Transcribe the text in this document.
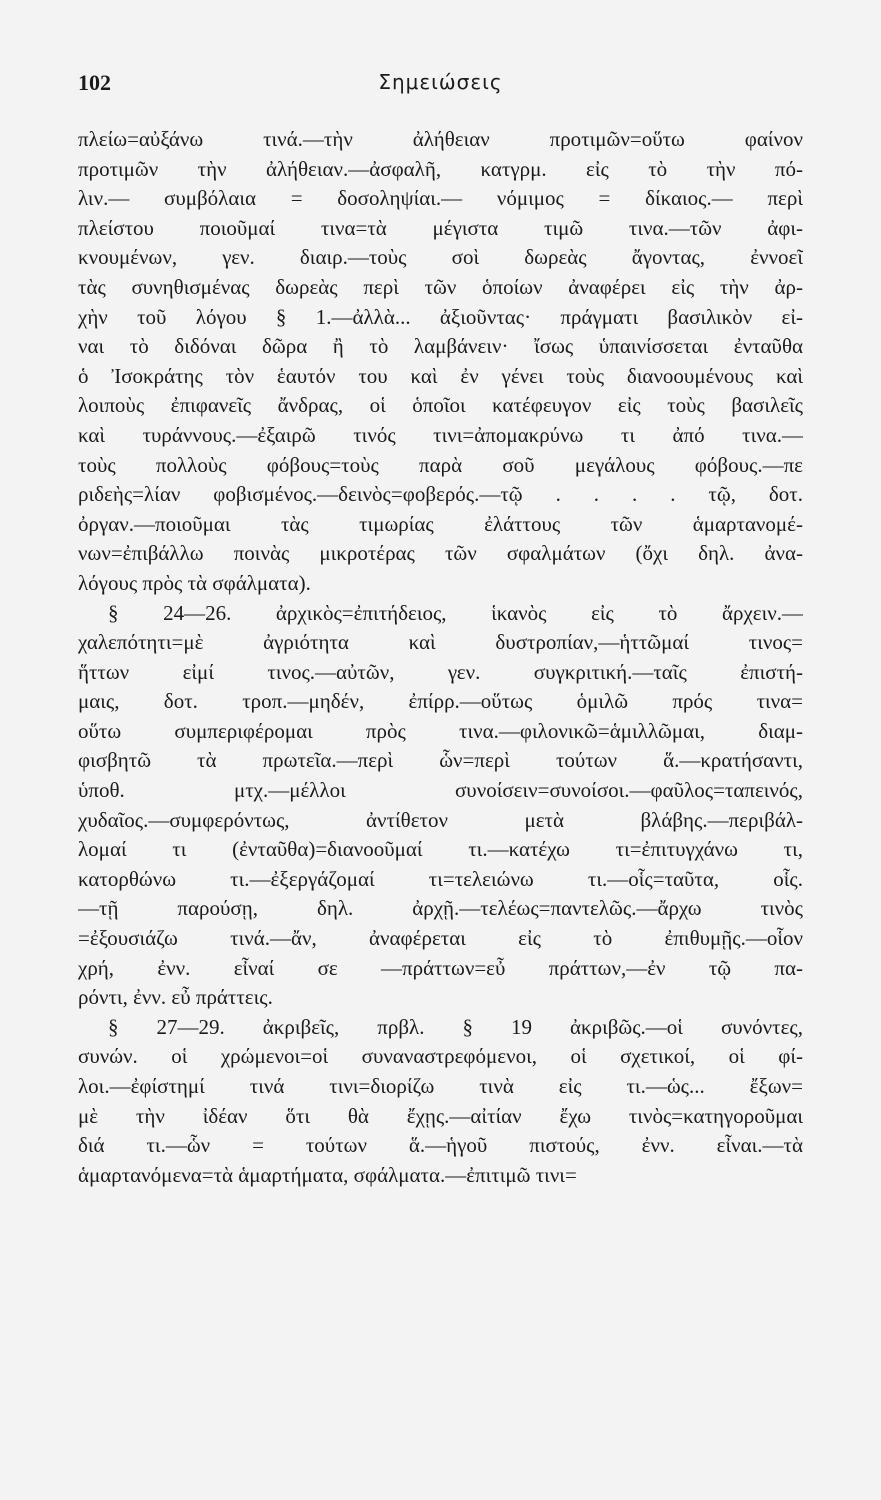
102	Σημειώσεις
πλείω=αὐξάνω τινά.—τὴν ἀλήθειαν προτιμῶν=οὕτω φαίνον
προτιμῶν τὴν ἀλήθειαν.—ἀσφαλῆ, κατγρμ. εἰς τὸ τὴν πό-
λιν.— συμβόλαια = δοσοληψίαι.— νόμιμος = δίκαιος.— περὶ
πλείστου ποιοῦμαί τινα=τὰ μέγιστα τιμῶ τινα.—τῶν ἀφι-
κνουμένων, γεν. διαιρ.—τοὺς σοὶ δωρεὰς ἄγοντας, ἐννοεῖ
τὰς συνηθισμένας δωρεὰς περὶ τῶν ὁποίων ἀναφέρει εἰς τὴν ἀρ-
χὴν τοῦ λόγου § 1.—ἀλλὰ... ἀξιοῦντας· πράγματι βασιλικὸν εἰ-
ναι τὸ διδόναι δῶρα ἢ τὸ λαμβάνειν· ἴσως ὑπαινίσσεται ἐνταῦθα
ὁ Ἰσοκράτης τὸν ἑαυτόν του καὶ ἐν γένει τοὺς διανοουμένους καὶ
λοιποὺς ἐπιφανεῖς ἄνδρας, οἱ ὁποῖοι κατέφευγον εἰς τοὺς βασιλεῖς
καὶ τυράννους.—ἐξαιρῶ τινός τινι=ἀπομακρύνω τι ἀπό τινα.—
τοὺς πολλοὺς φόβους=τοὺς παρὰ σοῦ μεγάλους φόβους.—πε
ριδεὴς=λίαν φοβισμένος.—δεινὸς=φοβερός.—τῷ . . . . τῷ, δοτ.
ὀργαν.—ποιοῦμαι τὰς τιμωρίας ἐλάττους τῶν ἁμαρτανομέ-
νων=ἐπιβάλλω ποινὰς μικροτέρας τῶν σφαλμάτων (ὄχι δηλ. ἀνα-
λόγους πρὸς τὰ σφάλματα).
§ 24—26. ἀρχικὸς=ἐπιτήδειος, ἱκανὸς εἰς τὸ ἄρχειν.—
χαλεπότητι=μὲ ἀγριότητα καὶ δυστροπίαν,—ἡττῶμαί τινος=
ἥττων εἰμί τινος.—αὐτῶν, γεν. συγκριτική.—ταῖς ἐπιστή-
μαις, δοτ. τροπ.—μηδέν, ἐπίρρ.—οὕτως ὁμιλῶ πρός τινα=
οὕτω συμπεριφέρομαι πρὸς τινα.—φιλονικῶ=ἁμιλλῶμαι, διαμ-
φισβητῶ τὰ πρωτεῖα.—περὶ ὧν=περὶ τούτων ἅ.—κρατήσαντι,
ὑποθ. μτχ.—μέλλοι συνοίσειν=συνοίσοι.—φαῦλος=ταπεινός,
χυδαῖος.—συμφερόντως, ἀντίθετον μετὰ βλάβης.—περιβάλ-
λομαί τι (ἐνταῦθα)=διανοοῦμαί τι.—κατέχω τι=ἐπιτυγχάνω τι,
κατορθώνω τι.—ἐξεργάζομαί τι=τελειώνω τι.—οἷς=ταῦτα, οἷς.
—τῇ παρούσῃ, δηλ. ἀρχῇ.—τελέως=παντελῶς.—ἄρχω τινὸς
=ἐξουσιάζω τινά.—ἄν, ἀναφέρεται εἰς τὸ ἐπιθυμῇς.—οἷον
χρή, ἐνν. εἶναί σε —πράττων=εὖ πράττων,—ἐν τῷ πα-
ρόντι, ἐνν. εὖ πράττεις.
§ 27—29. ἀκριβεῖς, πρβλ. § 19 ἀκριβῶς.—οἱ συνόντες,
συνών. οἱ χρώμενοι=οἱ συναναστρεφόμενοι, οἱ σχετικοί, οἱ φί-
λοι.—ἐφίστημί τινά τινι=διορίζω τινὰ εἰς τι.—ὡς... ἔξων=
μὲ τὴν ἰδέαν ὅτι θὰ ἔχῃς.—αἰτίαν ἔχω τινὸς=κατηγοροῦμαι
διά τι.—ὧν = τούτων ἅ.—ἡγοῦ πιστούς, ἐνν. εἶναι.—τὰ
ἁμαρτανόμενα=τὰ ἁμαρτήματα, σφάλματα.—ἐπιτιμῶ τινι=
